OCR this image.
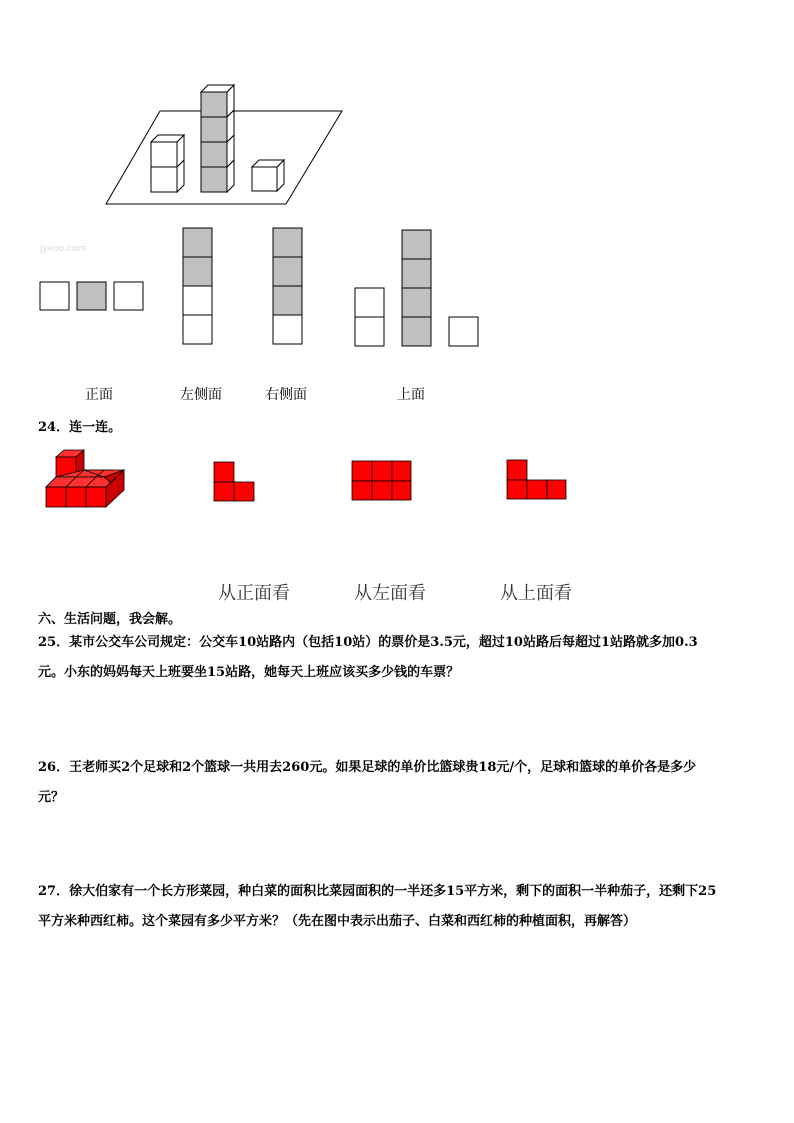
jyeoo.com
正面	左侧面	右侧面	上面
24．连一连。
从正面看	从左面看	从上面看
六、生活问题，我会解。
25．某市公交车公司规定：公交车10站路内（包括10站）的票价是3.5元，超过10站路后每超过1站路就多加0.3
元。小东的妈妈每天上班要坐15站路，她每天上班应该买多少钱的车票？
26．王老师买2个足球和2个篮球一共用去260元。如果足球的单价比篮球贵18元/个，足球和篮球的单价各是多少
元？
27．徐大伯家有一个长方形菜园，种白菜的面积比菜园面积的一半还多15平方米，剩下的面积一半种茄子，还剩下25
平方米种西红柿。这个菜园有多少平方米？（先在图中表示出茄子、白菜和西红柿的种植面积，再解答）
